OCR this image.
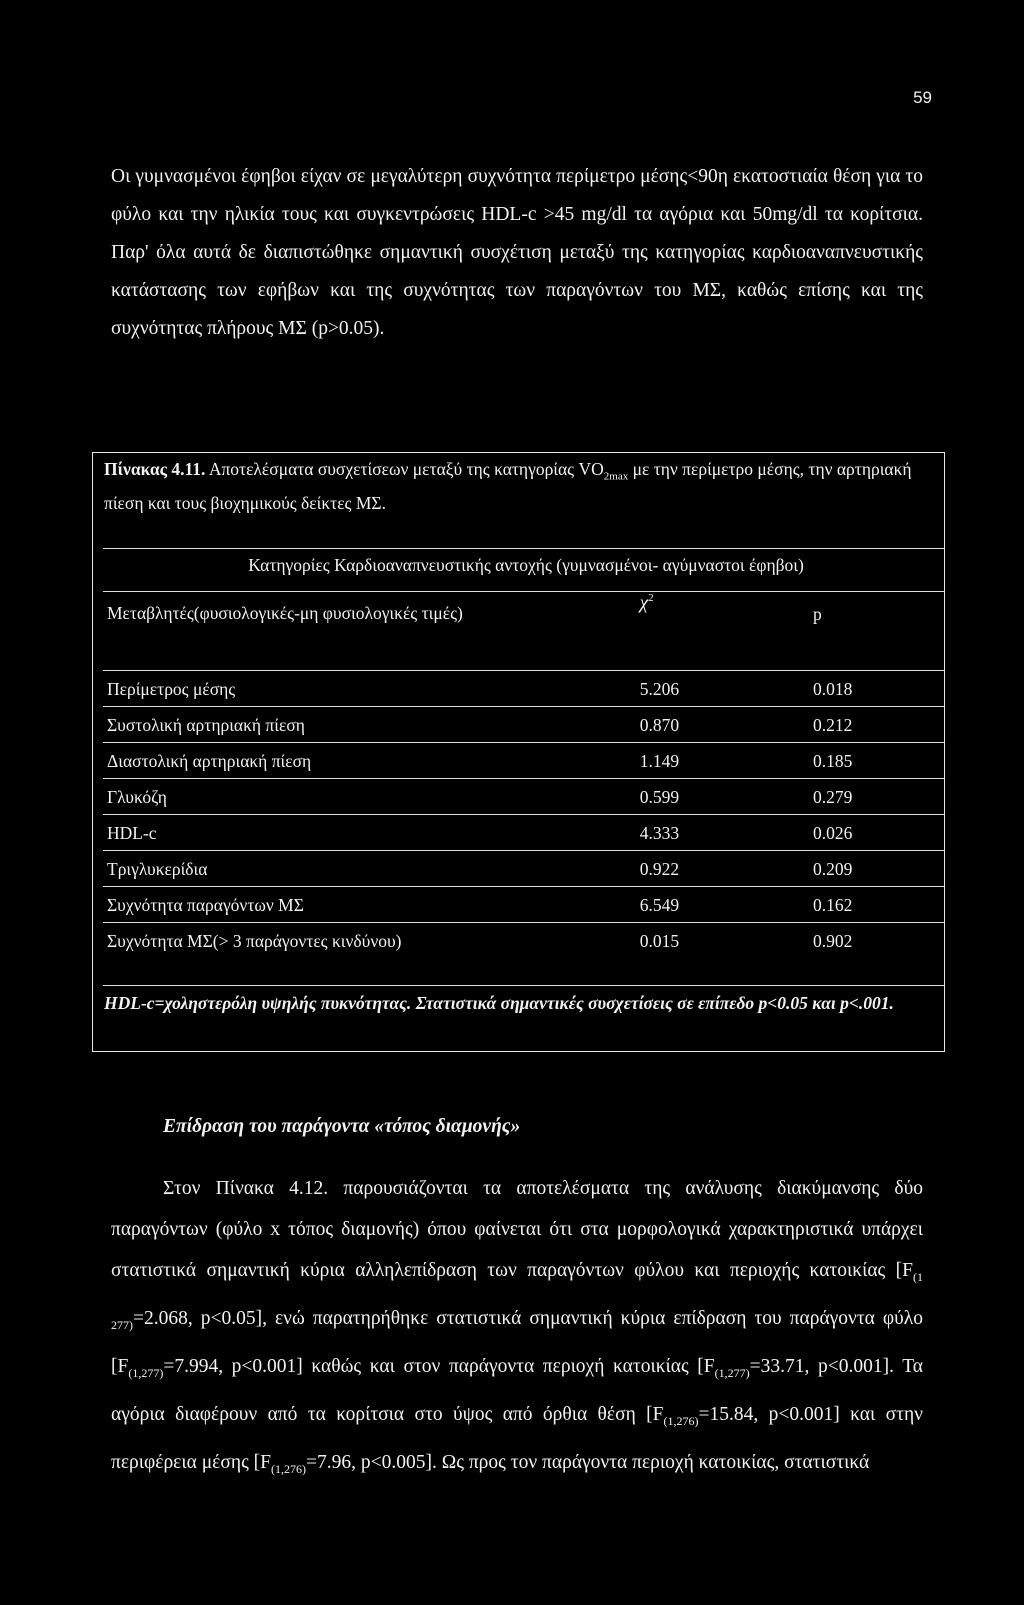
59
Οι γυμνασμένοι έφηβοι είχαν σε μεγαλύτερη συχνότητα περίμετρο μέσης<90η εκατοστιαία θέση για το φύλο και την ηλικία τους και συγκεντρώσεις HDL-c >45 mg/dl τα αγόρια και 50mg/dl τα κορίτσια. Παρ' όλα αυτά δε διαπιστώθηκε σημαντική συσχέτιση μεταξύ της κατηγορίας καρδιοαναπνευστικής κατάστασης των εφήβων και της συχνότητας των παραγόντων του ΜΣ, καθώς επίσης και της συχνότητας πλήρους ΜΣ (p>0.05).
Πίνακας 4.11. Αποτελέσματα συσχετίσεων μεταξύ της κατηγορίας $VO_{2max}$ με την περίμετρο μέσης, την αρτηριακή πίεση και τους βιοχημικούς δείκτες ΜΣ.
Κατηγορίες Καρδιοαναπνευστικής αντοχής (γυμνασμένοι- αγύμναστοι έφηβοι)		
Μεταβλητές(φυσιολογικές-μη φυσιολογικές τιμές)	$\chi^2$	p
Περίμετρος μέσης	5.206	0.018
Συστολική αρτηριακή πίεση	0.870	0.212
Διαστολική αρτηριακή πίεση	1.149	0.185
Γλυκόζη	0.599	0.279
HDL-c	4.333	0.026
Τριγλυκερίδια	0.922	0.209
Συχνότητα παραγόντων ΜΣ	6.549	0.162
Συχνότητα ΜΣ(> 3 παράγοντες κινδύνου)	0.015	0.902
HDL-c=χοληστερόλη υψηλής πυκνότητας. Στατιστικά σημαντικές συσχετίσεις σε επίπεδο p<0.05 και p<.001.
Επίδραση του παράγοντα «τόπος διαμονής»
Στον Πίνακα 4.12. παρουσιάζονται τα αποτελέσματα της ανάλυσης διακύμανσης δύο παραγόντων (φύλο x τόπος διαμονής) όπου φαίνεται ότι στα μορφολογικά χαρακτηριστικά υπάρχει στατιστικά σημαντική κύρια αλληλεπίδραση των παραγόντων φύλου και περιοχής κατοικίας [$F_{(1 277)}=2.068$, p<0.05], ενώ παρατηρήθηκε στατιστικά σημαντική κύρια επίδραση του παράγοντα φύλο [$F_{(1,277)}=7.994$, p<0.001] καθώς και στον παράγοντα περιοχή κατοικίας [$F_{(1,277)}=33.71$, p<0.001]. Τα αγόρια διαφέρουν από τα κορίτσια στο ύψος από όρθια θέση [$F_{(1,276)}=15.84$, p<0.001] και στην περιφέρεια μέσης [$F_{(1,276)}=7.96$, p<0.005]. Ως προς τον παράγοντα περιοχή κατοικίας, στατιστικά
